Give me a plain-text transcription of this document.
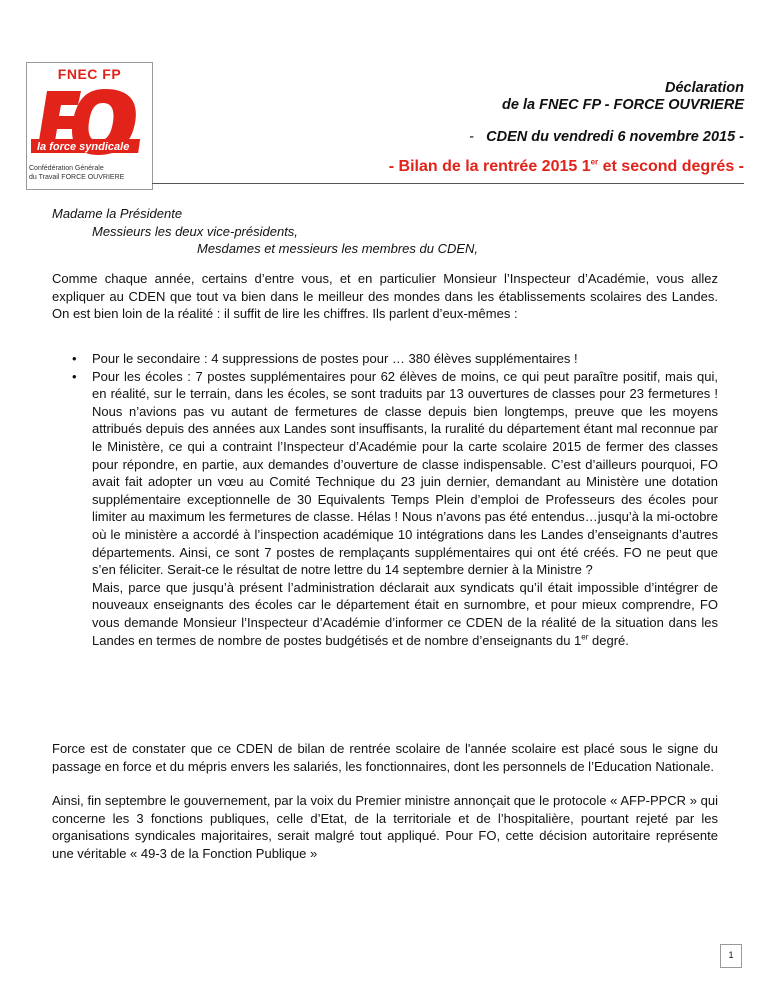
FNEC FP
la force syndicale
Confédération Générale
du Travail FORCE OUVRIERE
Déclaration
de la FNEC FP - FORCE OUVRIERE
- CDEN du vendredi 6 novembre 2015 -
- Bilan de la rentrée 2015 1er et second degrés -

Madame la Présidente

Messieurs les deux vice-présidents,

Mesdames et messieurs les membres du CDEN,

Comme chaque année, certains d’entre vous, et en particulier Monsieur l’Inspecteur d’Académie, vous allez expliquer au CDEN que tout va bien dans le meilleur des mondes dans les établissements scolaires des Landes. On est bien loin de la réalité : il suffit de lire les chiffres. Ils parlent d’eux-mêmes :
• Pour le secondaire : 4 suppressions de postes pour … 380 élèves supplémentaires !
• Pour les écoles : 7 postes supplémentaires pour 62 élèves de moins, ce qui peut paraître positif, mais qui, en réalité, sur le terrain, dans les écoles, se sont traduits par 13 ouvertures de classes pour 23 fermetures ! Nous n’avions pas vu autant de fermetures de classe depuis bien longtemps, preuve que les moyens attribués depuis des années aux Landes sont insuffisants, la ruralité du département étant mal reconnue par le Ministère, ce qui a contraint l’Inspecteur d’Académie pour la carte scolaire 2015 de fermer des classes pour répondre, en partie, aux demandes d’ouverture de classe indispensable. C’est d’ailleurs pourquoi, FO avait fait adopter un vœu au Comité Technique du 23 juin dernier, demandant au Ministère une dotation supplémentaire exceptionnelle de 30 Equivalents Temps Plein d’emploi de Professeurs des écoles pour limiter au maximum les fermetures de classe. Hélas ! Nous n’avons pas été entendus…jusqu’à la mi-octobre où le ministère a accordé à l’inspection académique 10 intégrations dans les Landes d’enseignants d’autres départements. Ainsi, ce sont 7 postes de remplaçants supplémentaires qui ont été créés. FO ne peut que s’en féliciter. Serait-ce le résultat de notre lettre du 14 septembre dernier à la Ministre ?
Mais, parce que jusqu’à présent l’administration déclarait aux syndicats qu’il était impossible d’intégrer de nouveaux enseignants des écoles car le département était en surnombre, et pour mieux comprendre, FO vous demande Monsieur l’Inspecteur d’Académie d’informer ce CDEN de la réalité de la situation dans les Landes en termes de nombre de postes budgétisés et de nombre d’enseignants du 1er degré.
Force est de constater que ce CDEN de bilan de rentrée scolaire de l'année scolaire est placé sous le signe du passage en force et du mépris envers les salariés, les fonctionnaires, dont les personnels de l’Education Nationale.
Ainsi, fin septembre le gouvernement, par la voix du Premier ministre annonçait que le protocole « AFP-PPCR » qui concerne les 3 fonctions publiques, celle d’Etat, de la territoriale et de l’hospitalière, pourtant rejeté par les organisations syndicales majoritaires, serait malgré tout appliqué. Pour FO, cette décision autoritaire représente une véritable « 49-3 de la Fonction Publique »
1
